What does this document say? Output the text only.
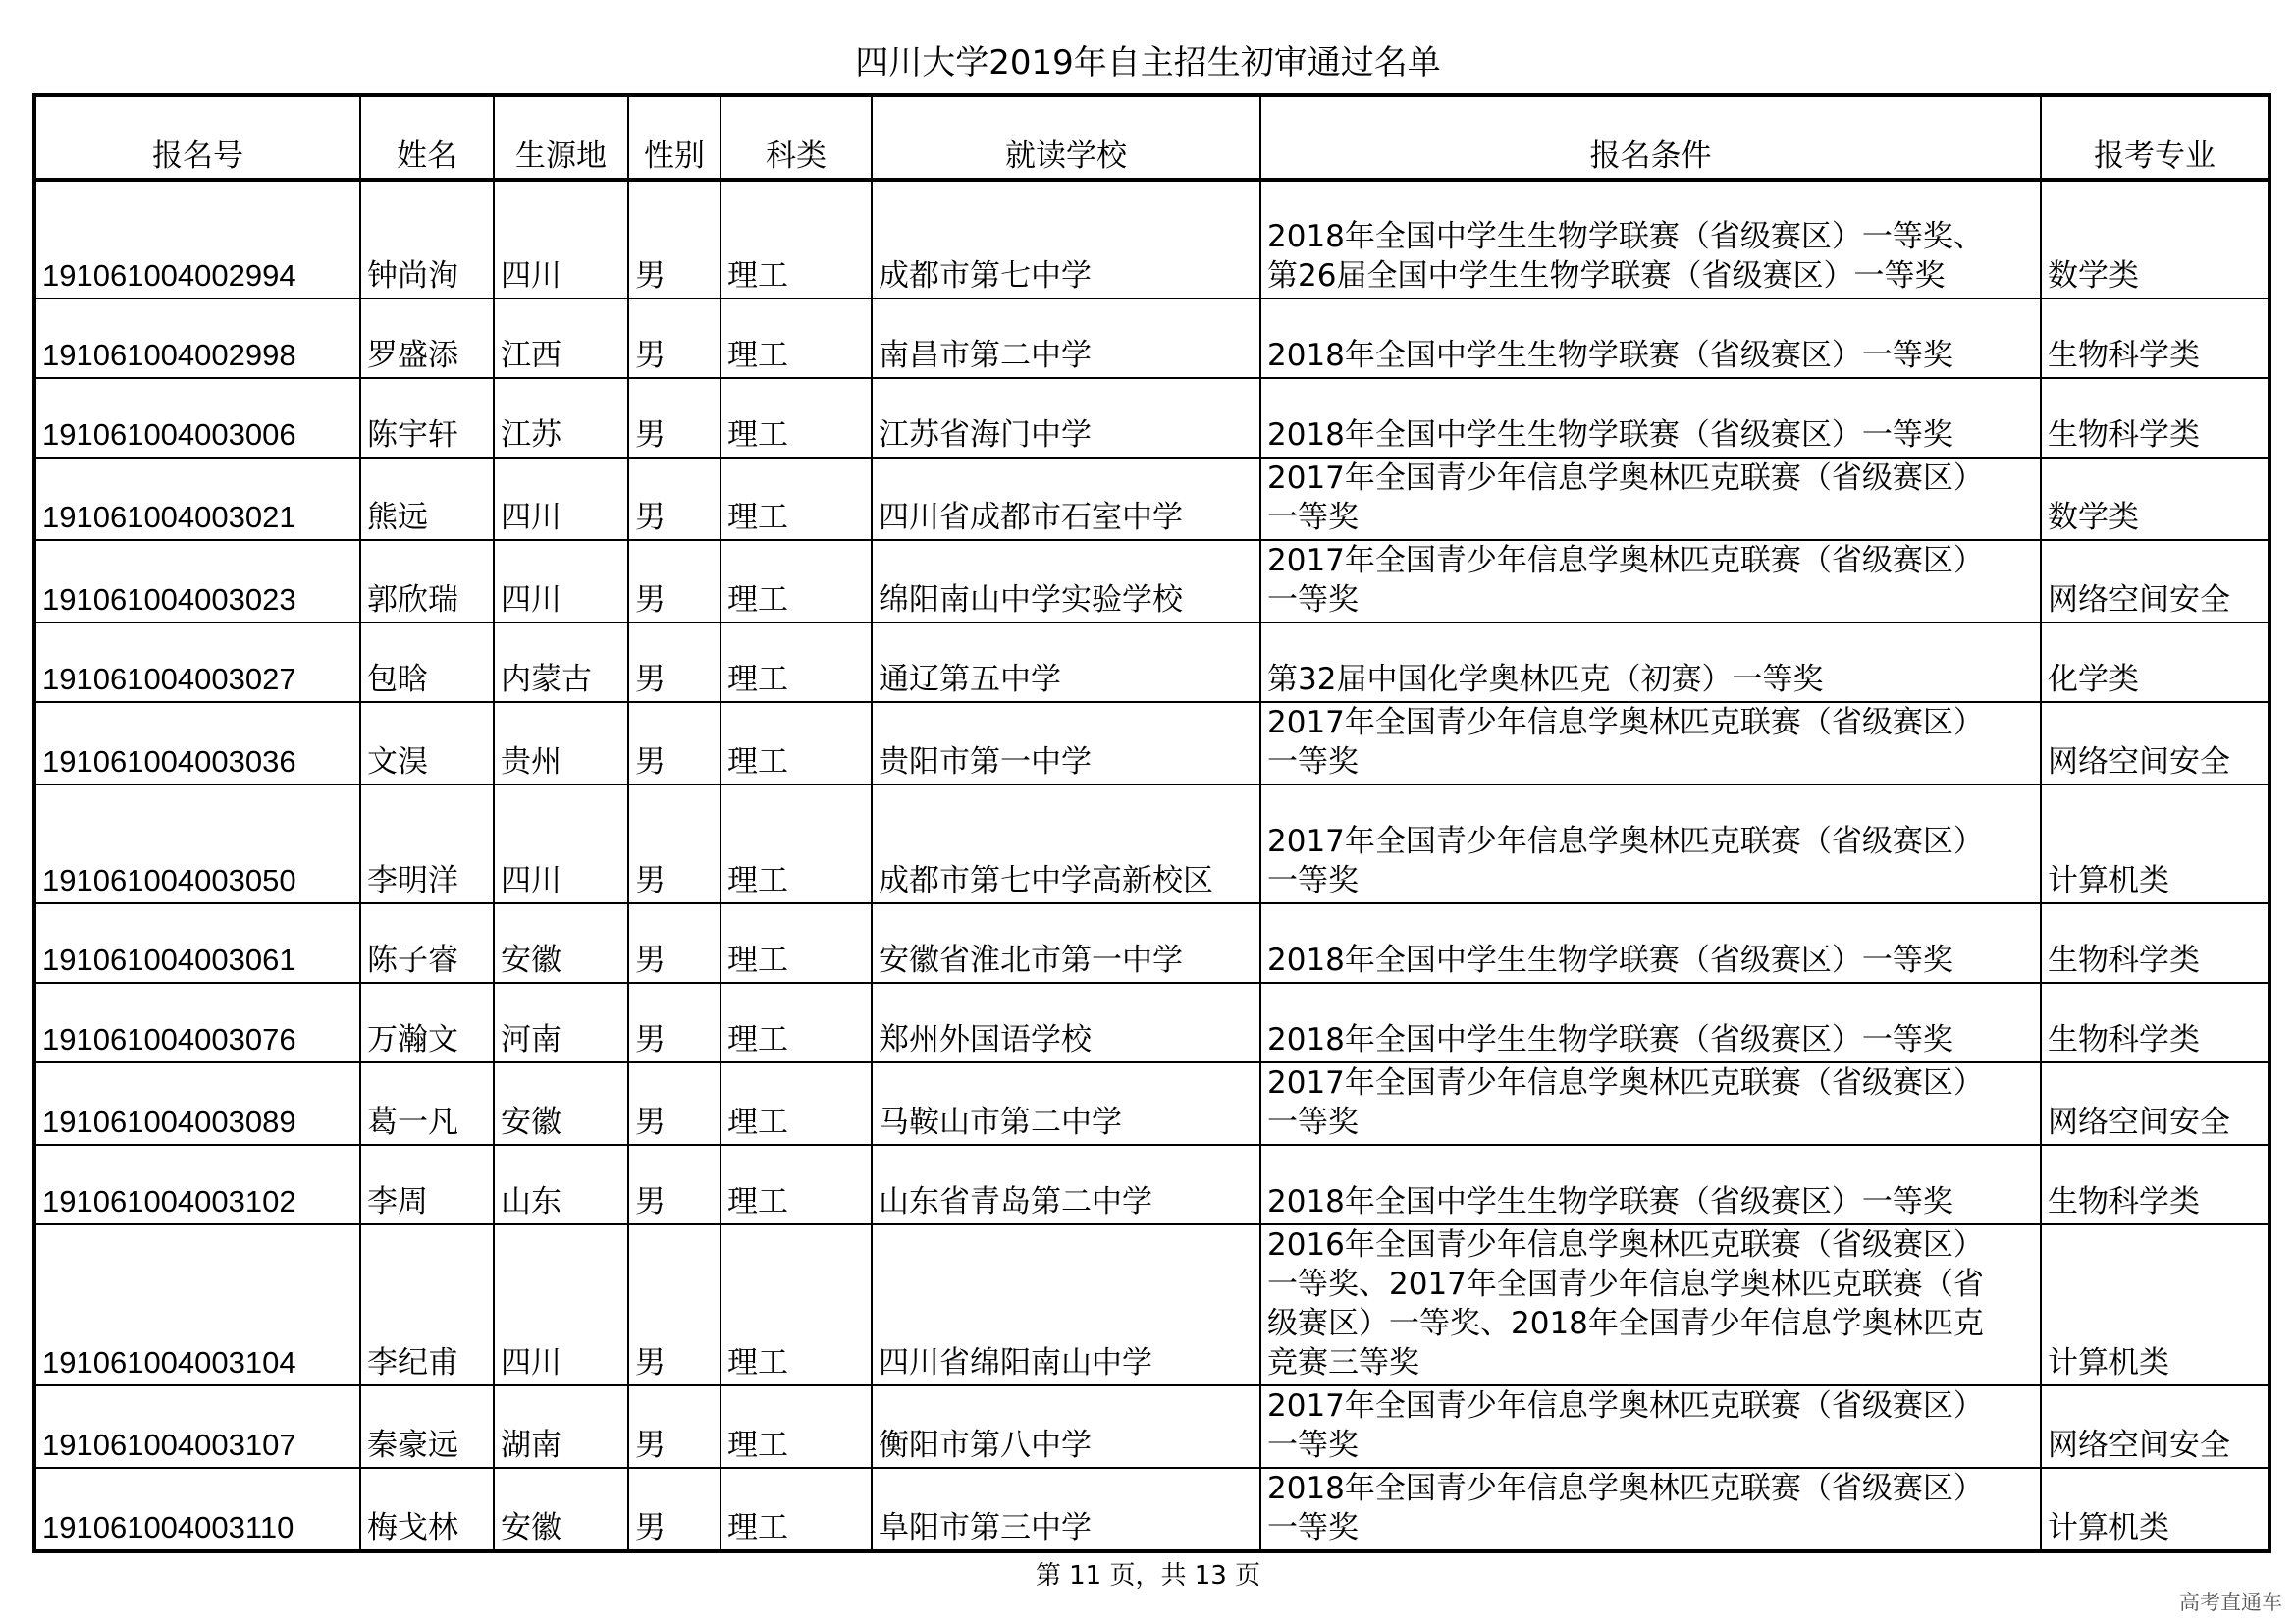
四川大学2019年自主招生初审通过名单
报名号	姓名	生源地	性别	科类	就读学校	报名条件	报考专业
191061004002994	钟尚洵	四川	男	理工	成都市第七中学	2018年全国中学生生物学联赛（省级赛区）一等奖、
第26届全国中学生生物学联赛（省级赛区）一等奖	数学类
191061004002998	罗盛添	江西	男	理工	南昌市第二中学	2018年全国中学生生物学联赛（省级赛区）一等奖	生物科学类
191061004003006	陈宇轩	江苏	男	理工	江苏省海门中学	2018年全国中学生生物学联赛（省级赛区）一等奖	生物科学类
191061004003021	熊远	四川	男	理工	四川省成都市石室中学	2017年全国青少年信息学奥林匹克联赛（省级赛区）
一等奖	数学类
191061004003023	郭欣瑞	四川	男	理工	绵阳南山中学实验学校	2017年全国青少年信息学奥林匹克联赛（省级赛区）
一等奖	网络空间安全
191061004003027	包晗	内蒙古	男	理工	通辽第五中学	第32届中国化学奥林匹克（初赛）一等奖	化学类
191061004003036	文淏	贵州	男	理工	贵阳市第一中学	2017年全国青少年信息学奥林匹克联赛（省级赛区）
一等奖	网络空间安全
191061004003050	李明洋	四川	男	理工	成都市第七中学高新校区	2017年全国青少年信息学奥林匹克联赛（省级赛区）
一等奖	计算机类
191061004003061	陈子睿	安徽	男	理工	安徽省淮北市第一中学	2018年全国中学生生物学联赛（省级赛区）一等奖	生物科学类
191061004003076	万瀚文	河南	男	理工	郑州外国语学校	2018年全国中学生生物学联赛（省级赛区）一等奖	生物科学类
191061004003089	葛一凡	安徽	男	理工	马鞍山市第二中学	2017年全国青少年信息学奥林匹克联赛（省级赛区）
一等奖	网络空间安全
191061004003102	李周	山东	男	理工	山东省青岛第二中学	2018年全国中学生生物学联赛（省级赛区）一等奖	生物科学类
191061004003104	李纪甫	四川	男	理工	四川省绵阳南山中学	2016年全国青少年信息学奥林匹克联赛（省级赛区）
一等奖、2017年全国青少年信息学奥林匹克联赛（省
级赛区）一等奖、2018年全国青少年信息学奥林匹克
竞赛三等奖	计算机类
191061004003107	秦豪远	湖南	男	理工	衡阳市第八中学	2017年全国青少年信息学奥林匹克联赛（省级赛区）
一等奖	网络空间安全
191061004003110	梅戈林	安徽	男	理工	阜阳市第三中学	2018年全国青少年信息学奥林匹克联赛（省级赛区）
一等奖	计算机类
第 11 页，共 13 页
高考直通车
